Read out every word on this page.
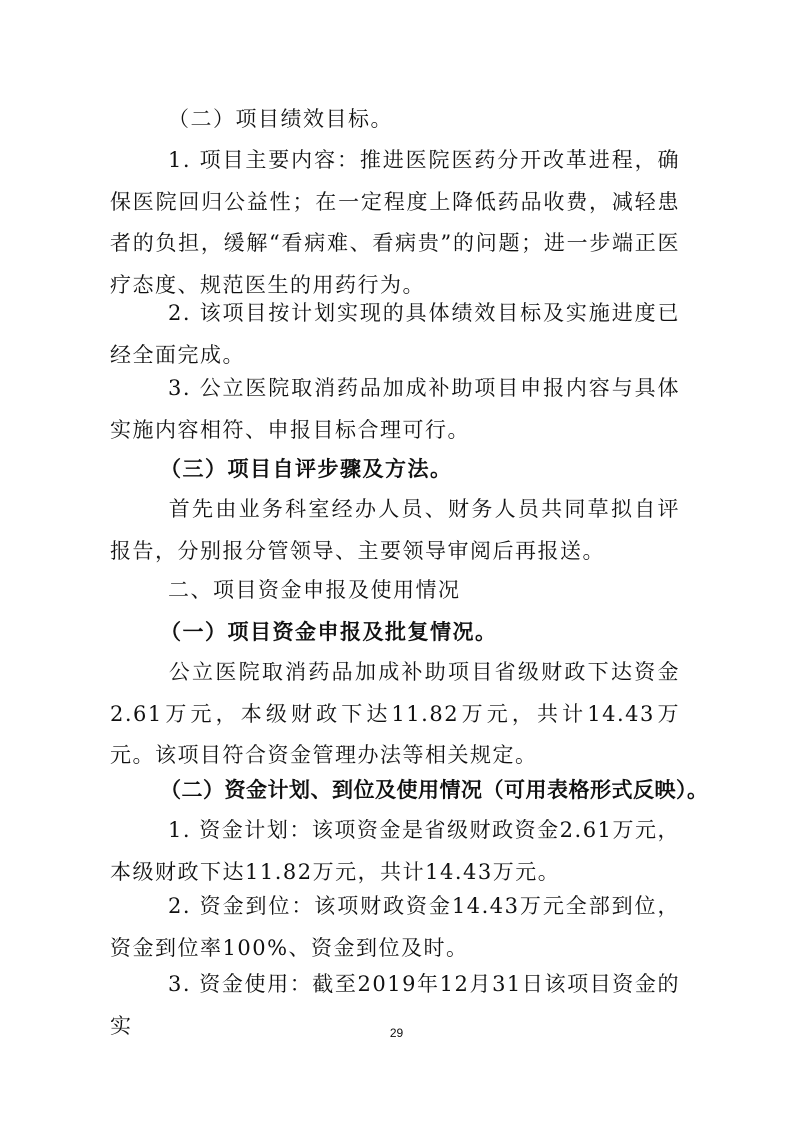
（二）项目绩效目标。

1. 项目主要内容：推进医院医药分开改革进程，确保医院回归公益性；在一定程度上降低药品收费，减轻患者的负担，缓解“看病难、看病贵”的问题；进一步端正医疗态度、规范医生的用药行为。

2. 该项目按计划实现的具体绩效目标及实施进度已经全面完成。

3. 公立医院取消药品加成补助项目申报内容与具体实施内容相符、申报目标合理可行。

（三）项目自评步骤及方法。

首先由业务科室经办人员、财务人员共同草拟自评报告，分别报分管领导、主要领导审阅后再报送。

二、项目资金申报及使用情况

（一）项目资金申报及批复情况。

公立医院取消药品加成补助项目省级财政下达资金2.61万元，本级财政下达11.82万元，共计14.43万元。该项目符合资金管理办法等相关规定。

（二）资金计划、到位及使用情况（可用表格形式反映）。

1. 资金计划：该项资金是省级财政资金2.61万元，本级财政下达11.82万元，共计14.43万元。

2. 资金到位：该项财政资金14.43万元全部到位，资金到位率100%、资金到位及时。

3. 资金使用：截至2019年12月31日该项目资金的实	29
